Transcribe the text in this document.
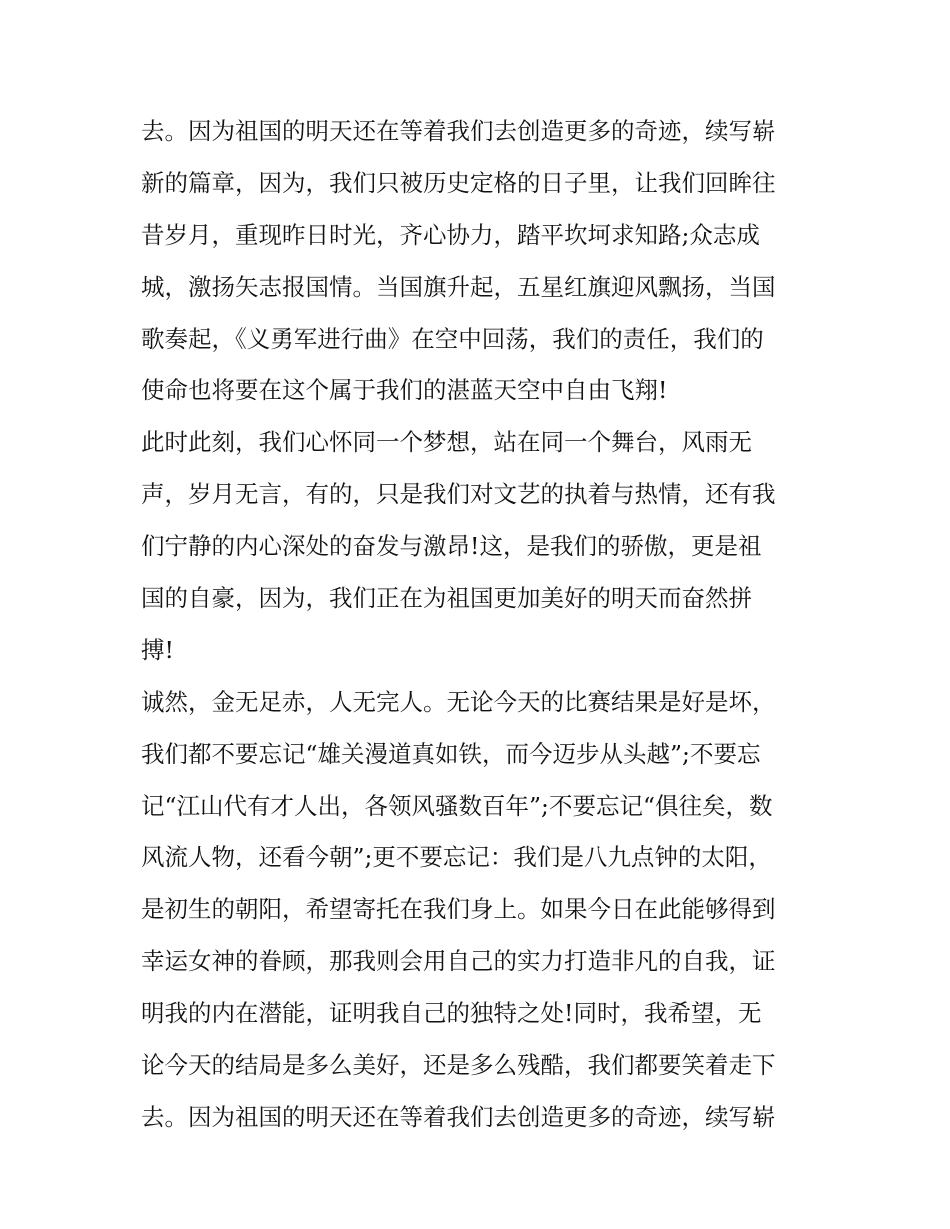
去。因为祖国的明天还在等着我们去创造更多的奇迹，续写崭
新的篇章，因为，我们只被历史定格的日子里，让我们回眸往
昔岁月，重现昨日时光，齐心协力，踏平坎坷求知路;众志成
城，激扬矢志报国情。当国旗升起，五星红旗迎风飘扬，当国
歌奏起，《义勇军进行曲》在空中回荡，我们的责任，我们的
使命也将要在这个属于我们的湛蓝天空中自由飞翔!
此时此刻，我们心怀同一个梦想，站在同一个舞台，风雨无
声，岁月无言，有的，只是我们对文艺的执着与热情，还有我
们宁静的内心深处的奋发与激昂!这，是我们的骄傲，更是祖
国的自豪，因为，我们正在为祖国更加美好的明天而奋然拼
搏!
诚然，金无足赤，人无完人。无论今天的比赛结果是好是坏，
我们都不要忘记“雄关漫道真如铁，而今迈步从头越”;不要忘
记“江山代有才人出，各领风骚数百年”;不要忘记“俱往矣，数
风流人物，还看今朝”;更不要忘记：我们是八九点钟的太阳，
是初生的朝阳，希望寄托在我们身上。如果今日在此能够得到
幸运女神的眷顾，那我则会用自己的实力打造非凡的自我，证
明我的内在潜能，证明我自己的独特之处!同时，我希望，无
论今天的结局是多么美好，还是多么残酷，我们都要笑着走下
去。因为祖国的明天还在等着我们去创造更多的奇迹，续写崭
